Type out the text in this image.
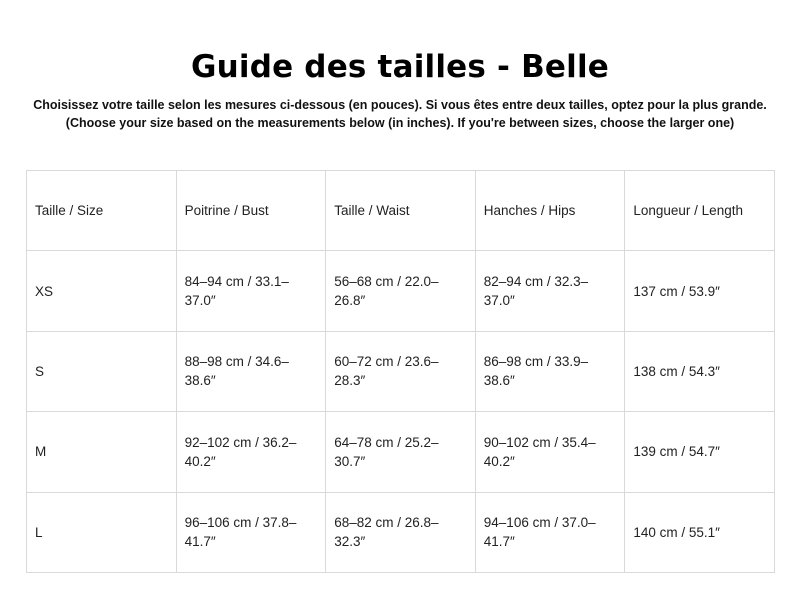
Guide des tailles - Belle
Choisissez votre taille selon les mesures ci-dessous (en pouces). Si vous êtes entre deux tailles, optez pour la plus grande.
(Choose your size based on the measurements below (in inches). If you're between sizes, choose the larger one)
Taille / Size	Poitrine / Bust	Taille / Waist	Hanches / Hips	Longueur / Length
XS	84–94 cm / 33.1–37.0″	56–68 cm / 22.0–26.8″	82–94 cm / 32.3–37.0″	137 cm / 53.9″
S	88–98 cm / 34.6–38.6″	60–72 cm / 23.6–28.3″	86–98 cm / 33.9–38.6″	138 cm / 54.3″
M	92–102 cm / 36.2–40.2″	64–78 cm / 25.2–30.7″	90–102 cm / 35.4–40.2″	139 cm / 54.7″
L	96–106 cm / 37.8–41.7″	68–82 cm / 26.8–32.3″	94–106 cm / 37.0–41.7″	140 cm / 55.1″
